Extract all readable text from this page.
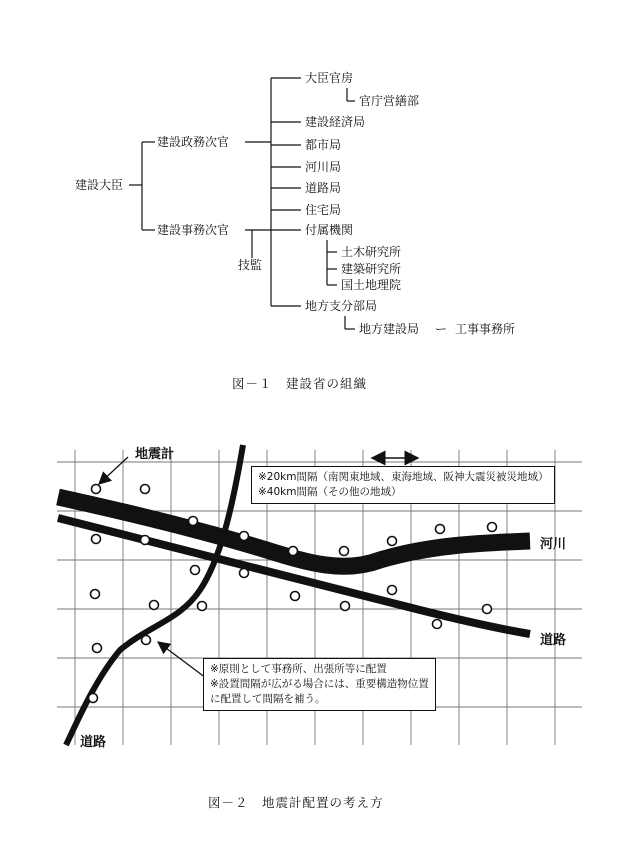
建設大臣
建設政務次官
建設事務次官
技監
大臣官房
官庁営繕部
建設経済局
都市局
河川局
道路局
住宅局
付属機関
土木研究所
建築研究所
国土地理院
地方支分部局
地方建設局 ー 工事事務所
図－１　建設省の組織
地震計
河川
道路
道路
※20km間隔（南関東地域、東海地域、阪神大震災被災地域）
※40km間隔（その他の地域）
※原則として事務所、出張所等に配置
※設置間隔が広がる場合には、重要構造物位置
に配置して間隔を補う。
図－２　地震計配置の考え方
